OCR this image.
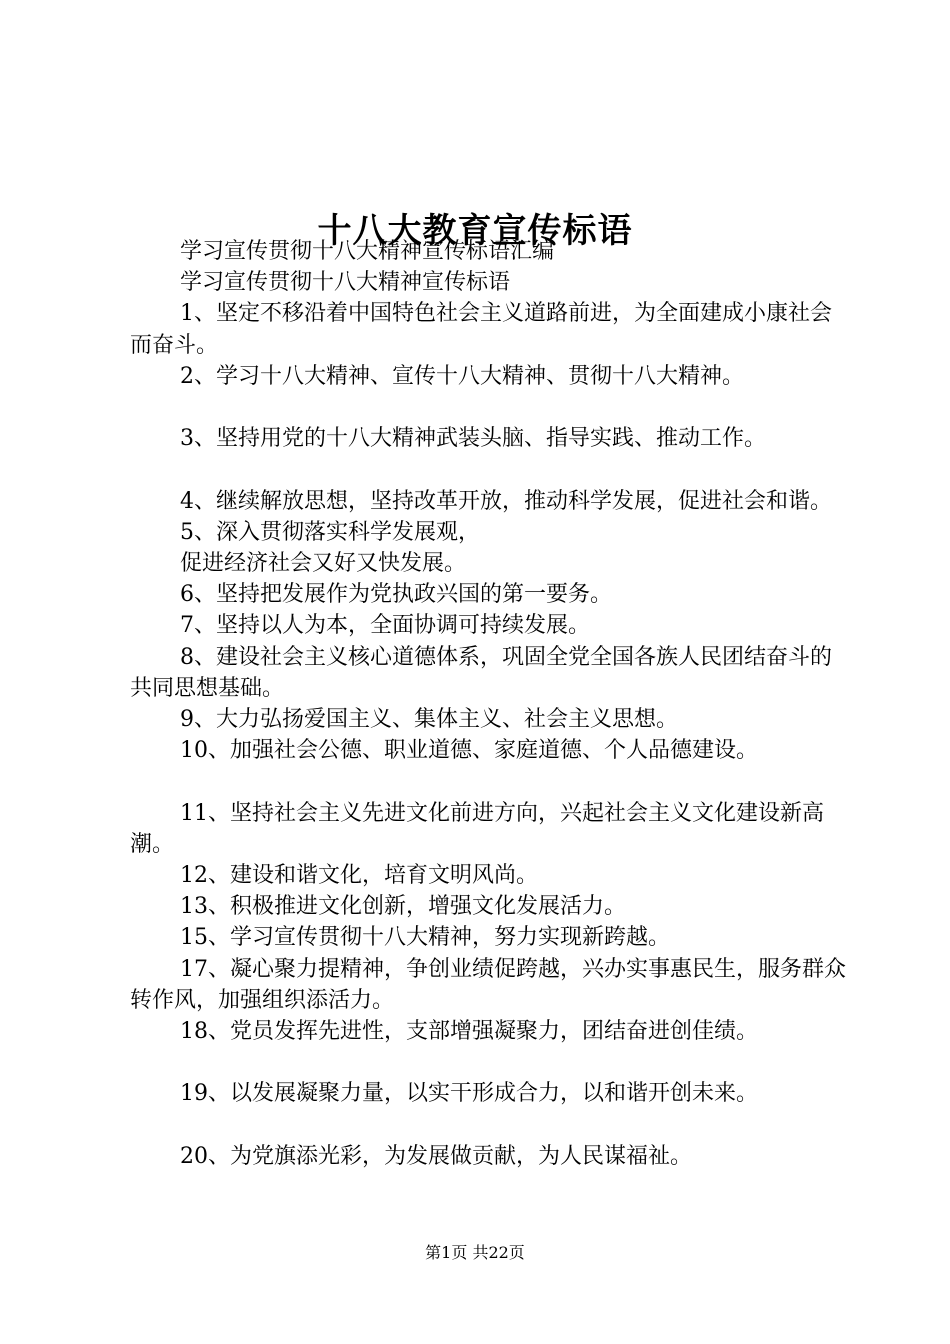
十八大教育宣传标语

学习宣传贯彻十八大精神宣传标语汇编

学习宣传贯彻十八大精神宣传标语

1、坚定不移沿着中国特色社会主义道路前进，为全面建成小康社会而奋斗。

2、学习十八大精神、宣传十八大精神、贯彻十八大精神。

3、坚持用党的十八大精神武装头脑、指导实践、推动工作。

4、继续解放思想，坚持改革开放，推动科学发展，促进社会和谐。

5、深入贯彻落实科学发展观，

促进经济社会又好又快发展。

6、坚持把发展作为党执政兴国的第一要务。

7、坚持以人为本，全面协调可持续发展。

8、建设社会主义核心道德体系，巩固全党全国各族人民团结奋斗的共同思想基础。

9、大力弘扬爱国主义、集体主义、社会主义思想。

10、加强社会公德、职业道德、家庭道德、个人品德建设。

11、坚持社会主义先进文化前进方向，兴起社会主义文化建设新高潮。

12、建设和谐文化，培育文明风尚。

13、积极推进文化创新，增强文化发展活力。

15、学习宣传贯彻十八大精神，努力实现新跨越。

17、凝心聚力提精神，争创业绩促跨越，兴办实事惠民生，服务群众转作风，加强组织添活力。

18、党员发挥先进性，支部增强凝聚力，团结奋进创佳绩。

19、以发展凝聚力量，以实干形成合力，以和谐开创未来。

20、为党旗添光彩，为发展做贡献，为人民谋福祉。

第1页 共22页
